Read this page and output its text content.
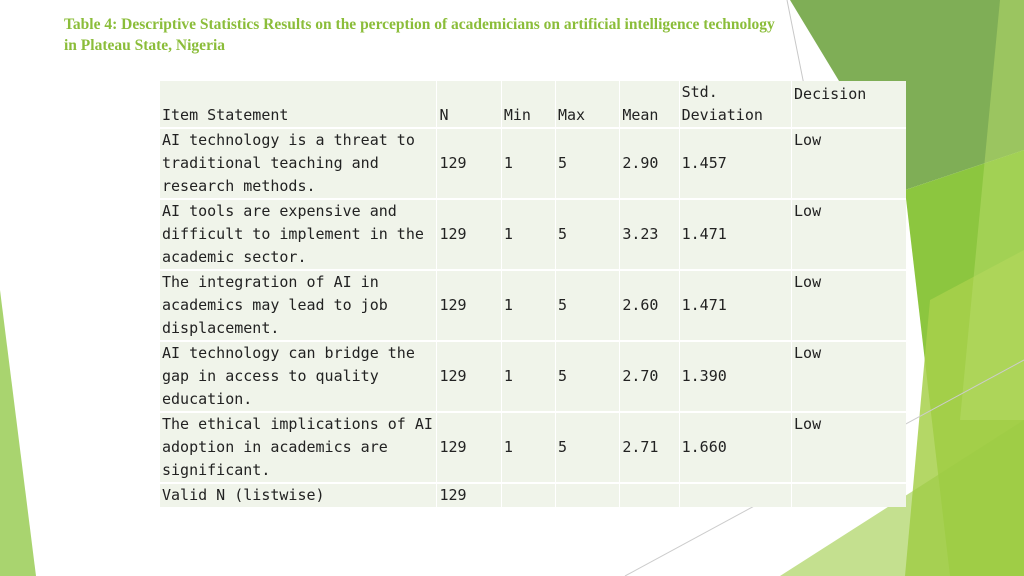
Table 4: Descriptive Statistics Results on the perception of academicians on artificial intelligence technology in Plateau State, Nigeria
Item Statement	N	Min	Max	Mean	Std. Deviation	Decision
AI technology is a threat to traditional teaching and research methods.	129	1	5	2.90	1.457	Low
AI tools are expensive and difficult to implement in the academic sector.	129	1	5	3.23	1.471	Low
The integration of AI in academics may lead to job displacement.	129	1	5	2.60	1.471	Low
AI technology can bridge the gap in access to quality education.	129	1	5	2.70	1.390	Low
The ethical implications of AI adoption in academics are significant.	129	1	5	2.71	1.660	Low
Valid N (listwise)	129					
